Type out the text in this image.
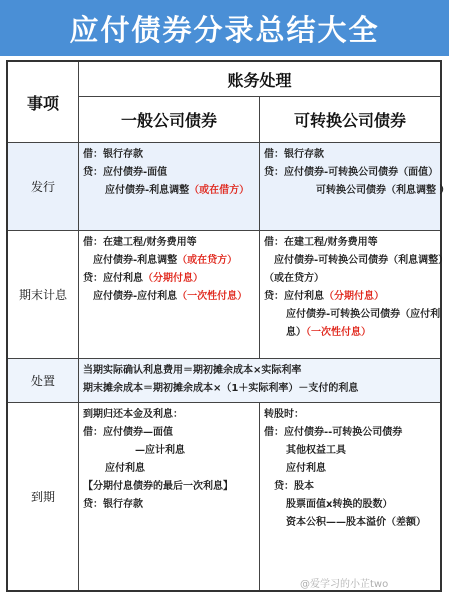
应付债券分录总结大全
事项
账务处理
一般公司债券	可转换公司债券
发行
借：银行存款
贷：应付债券-面值
应付债券-利息调整（或在借方）
借：银行存款
贷：应付债券-可转换公司债券（面值）
可转换公司债券（利息调整 ）
期末计息
借：在建工程/财务费用等
应付债券-利息调整（或在贷方）
贷：应付利息（分期付息）
应付债券-应付利息（一次性付息）
借：在建工程/财务费用等
应付债券-可转换公司债券（利息调整）
（或在贷方）
贷：应付利息（分期付息）
应付债券-可转换公司债券（应付利
息）（一次性付息）
处置
当期实际确认利息费用＝期初摊余成本×实际利率
期末摊余成本＝期初摊余成本×（1＋实际利率）－支付的利息
到期
到期归还本金及利息：
借：应付债券—面值
—应计利息
应付利息
【分期付息债券的最后一次利息】
贷：银行存款
转股时：
借：应付债券--可转换公司债券
其他权益工具
应付利息
贷：股本
股票面值x转换的股数）
资本公积——股本溢价（差额）
@爱学习的小芷two
